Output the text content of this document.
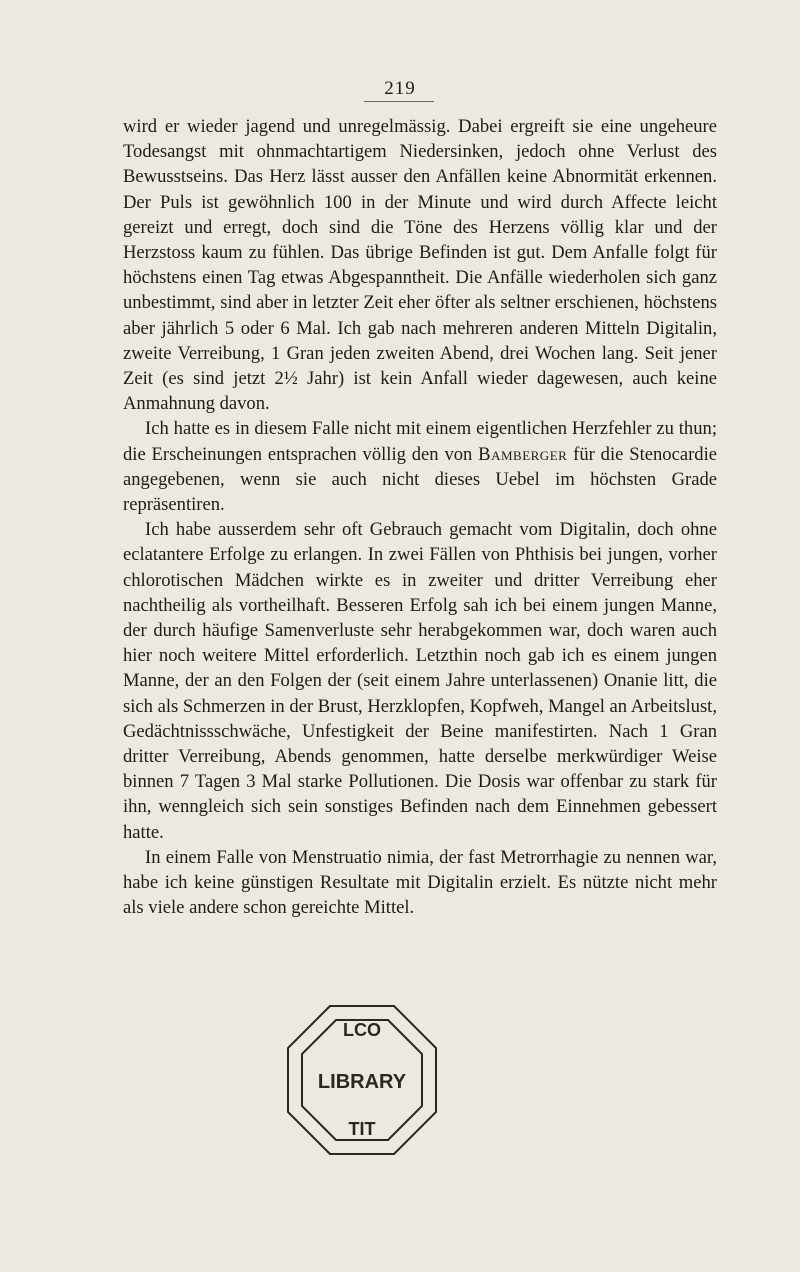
219

wird er wieder jagend und unregelmässig. Dabei ergreift sie eine ungeheure Todesangst mit ohnmachtartigem Niedersinken, jedoch ohne Verlust des Bewusstseins. Das Herz lässt ausser den Anfällen keine Abnormität erkennen. Der Puls ist gewöhnlich 100 in der Minute und wird durch Affecte leicht gereizt und erregt, doch sind die Töne des Herzens völlig klar und der Herzstoss kaum zu fühlen. Das übrige Befinden ist gut. Dem Anfalle folgt für höchstens einen Tag etwas Abgespanntheit. Die Anfälle wiederholen sich ganz unbestimmt, sind aber in letzter Zeit eher öfter als seltner erschienen, höchstens aber jährlich 5 oder 6 Mal. Ich gab nach mehreren anderen Mitteln Digitalin, zweite Verreibung, 1 Gran jeden zweiten Abend, drei Wochen lang. Seit jener Zeit (es sind jetzt 2½ Jahr) ist kein Anfall wieder dagewesen, auch keine Anmahnung davon.

Ich hatte es in diesem Falle nicht mit einem eigentlichen Herzfehler zu thun; die Erscheinungen entsprachen völlig den von Bamberger für die Stenocardie angegebenen, wenn sie auch nicht dieses Uebel im höchsten Grade repräsentiren.

Ich habe ausserdem sehr oft Gebrauch gemacht vom Digitalin, doch ohne eclatantere Erfolge zu erlangen. In zwei Fällen von Phthisis bei jungen, vorher chlorotischen Mädchen wirkte es in zweiter und dritter Verreibung eher nachtheilig als vortheilhaft. Besseren Erfolg sah ich bei einem jungen Manne, der durch häufige Samenverluste sehr herabgekommen war, doch waren auch hier noch weitere Mittel erforderlich. Letzthin noch gab ich es einem jungen Manne, der an den Folgen der (seit einem Jahre unterlassenen) Onanie litt, die sich als Schmerzen in der Brust, Herzklopfen, Kopfweh, Mangel an Arbeitslust, Gedächtnissschwäche, Unfestigkeit der Beine manifestirten. Nach 1 Gran dritter Verreibung, Abends genommen, hatte derselbe merkwürdiger Weise binnen 7 Tagen 3 Mal starke Pollutionen. Die Dosis war offenbar zu stark für ihn, wenngleich sich sein sonstiges Befinden nach dem Einnehmen gebessert hatte.

In einem Falle von Menstruatio nimia, der fast Metrorrhagie zu nennen war, habe ich keine günstigen Resultate mit Digitalin erzielt. Es nützte nicht mehr als viele andere schon gereichte Mittel.

LCO
LIBRARY
TIT
